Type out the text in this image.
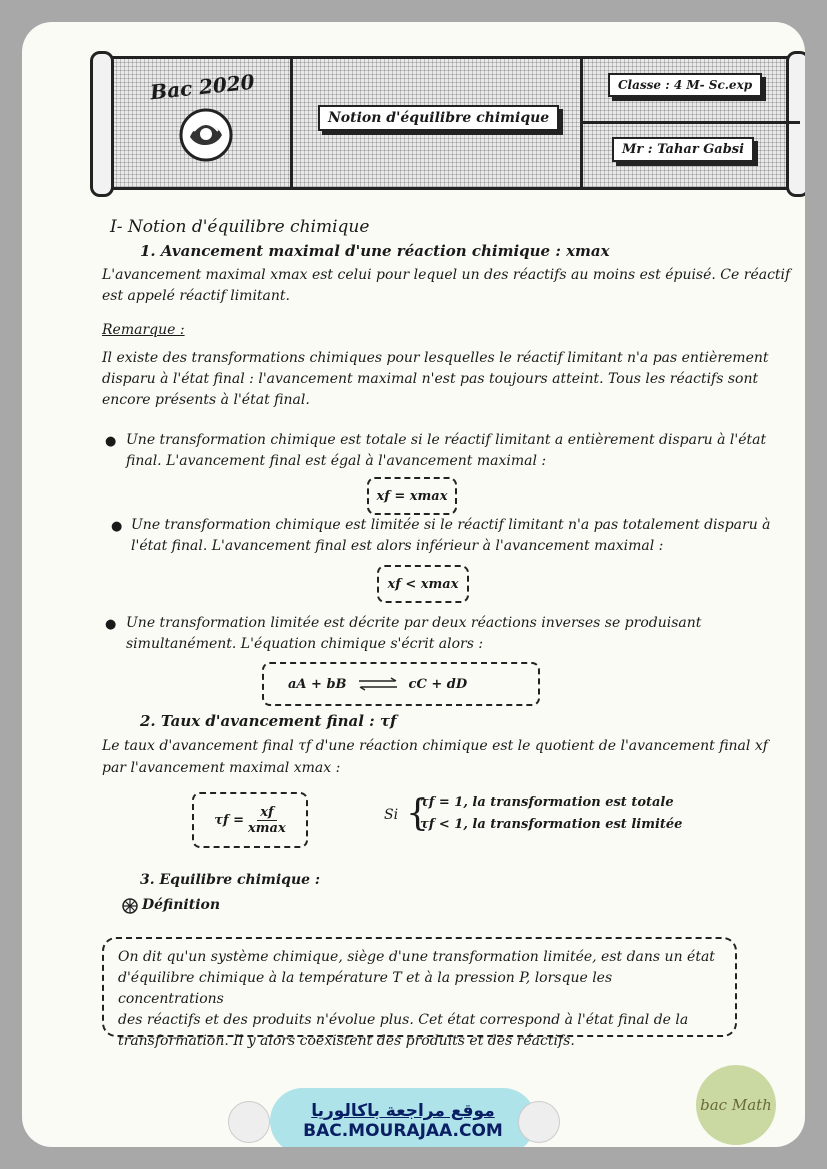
Bac 2020
Notion d'équilibre chimique
Classe : 4 M- Sc.exp
Mr : Tahar Gabsi
I- Notion d'équilibre chimique
1. Avancement maximal d'une réaction chimique : xmax
L'avancement maximal xmax est celui pour lequel un des réactifs au moins est épuisé. Ce réactif
est appelé réactif limitant.
Remarque :
Il existe des transformations chimiques pour lesquelles le réactif limitant n'a pas entièrement
disparu à l'état final : l'avancement maximal n'est pas toujours atteint. Tous les réactifs sont
encore présents à l'état final.
● Une transformation chimique est totale si le réactif limitant a entièrement disparu à l'état
final. L'avancement final est égal à l'avancement maximal :
xf = xmax
● Une transformation chimique est limitée si le réactif limitant n'a pas totalement disparu à
l'état final. L'avancement final est alors inférieur à l'avancement maximal :
xf < xmax
● Une transformation limitée est décrite par deux réactions inverses se produisant
simultanément. L'équation chimique s'écrit alors :
aA + bB ⇌ cC + dD
2. Taux d'avancement final : τf
Le taux d'avancement final τf d'une réaction chimique est le quotient de l'avancement final xf
par l'avancement maximal xmax :
$\tau f = \frac{xf}{xmax}$	Si {
τf = 1, la transformation est totale
τf < 1, la transformation est limitée
3. Equilibre chimique :
Définition
On dit qu'un système chimique, siège d'une transformation limitée, est dans un état
d'équilibre chimique à la température T et à la pression P, lorsque les concentrations
des réactifs et des produits n'évolue plus. Cet état correspond à l'état final de la
transformation. Il y alors coexistent des produits et des réactifs.
موقع مراجعة باكالوريا
BAC.MOURAJAA.COM
bac Math
